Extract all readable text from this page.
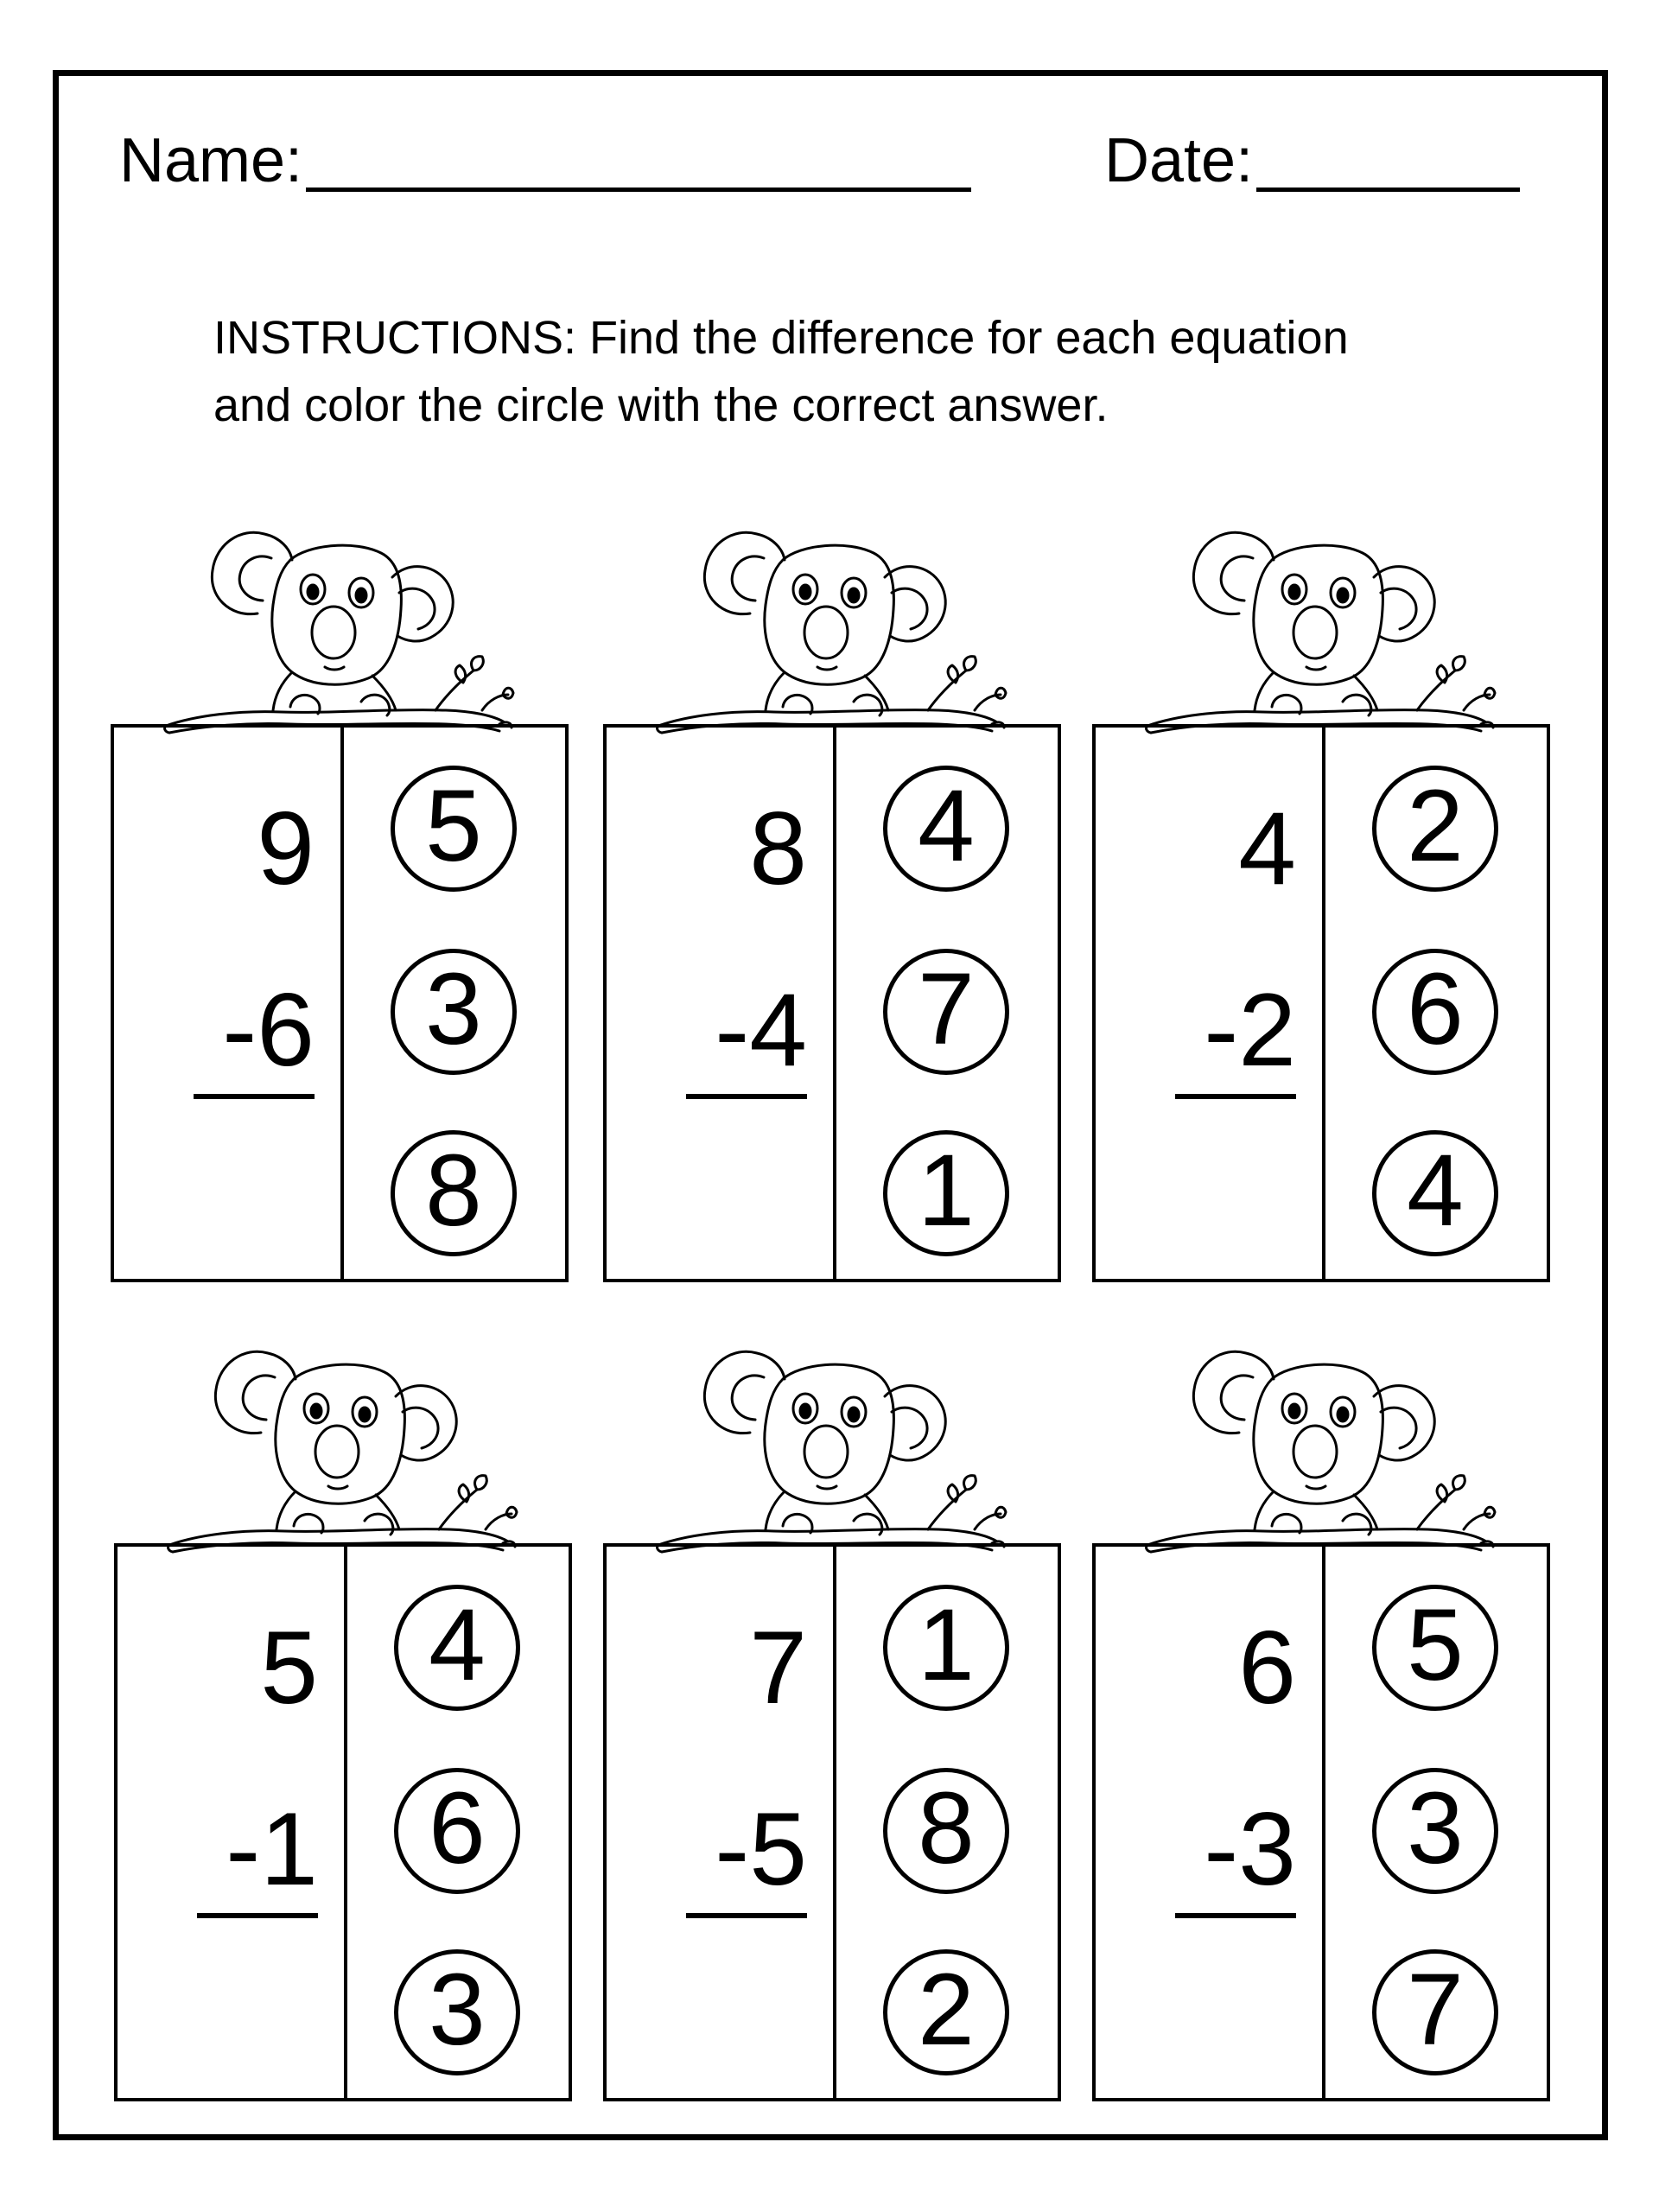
Name:	Date:

INSTRUCTIONS: Find the difference for each equation

and color the circle with the correct answer.

9
-6
5
3
8
8
-4
4
7
1
4
-2
2
6
4
5
-1
4
6
3
7
-5
1
8
2
6
-3
5
3
7
